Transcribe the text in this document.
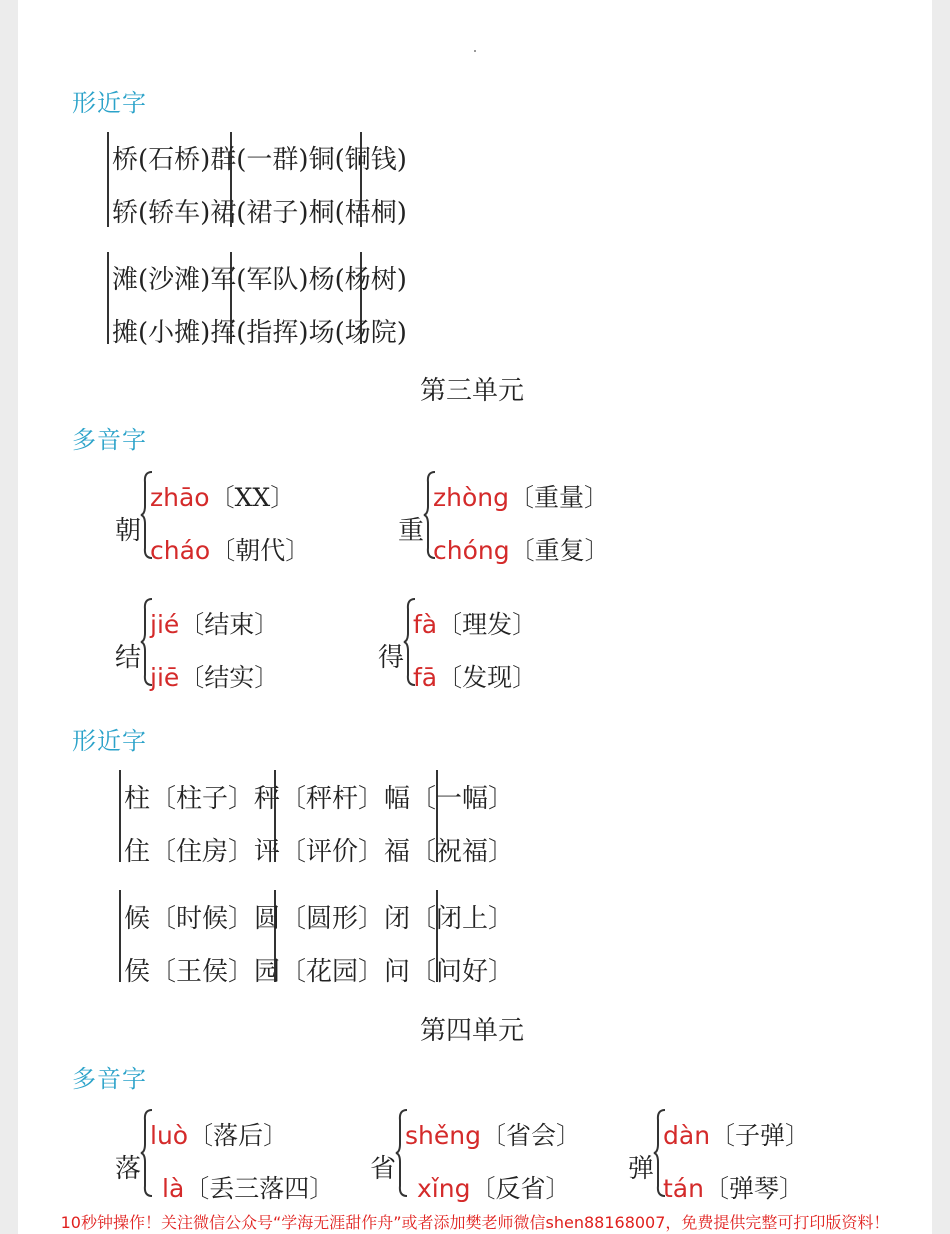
形近字
桥(石桥)群(一群)铜(铜钱)
轿(轿车)裙(裙子)桐(梧桐)
滩(沙滩)军(军队)杨(杨树)
摊(小摊)挥(指挥)场(场院)
第三单元
多音字
朝
zhāo〔XX〕
cháo〔朝代〕
重
zhòng〔重量〕
chóng〔重复〕
结
jié〔结束〕
jiē〔结实〕
得
fà〔理发〕
fā〔发现〕
形近字
柱〔柱子〕秤〔秤杆〕幅〔一幅〕
住〔住房〕评〔评价〕福〔祝福〕
候〔时候〕圆〔圆形〕闭〔闭上〕
侯〔王侯〕园〔花园〕问〔问好〕
第四单元
多音字
落
luò〔落后〕
là〔丢三落四〕
省
shěng〔省会〕
xǐng〔反省〕
弹
dàn〔子弹〕
tán〔弹琴〕
10秒钟操作！关注微信公众号“学海无涯甜作舟”或者添加樊老师微信shen88168007，免费提供完整可打印版资料！
